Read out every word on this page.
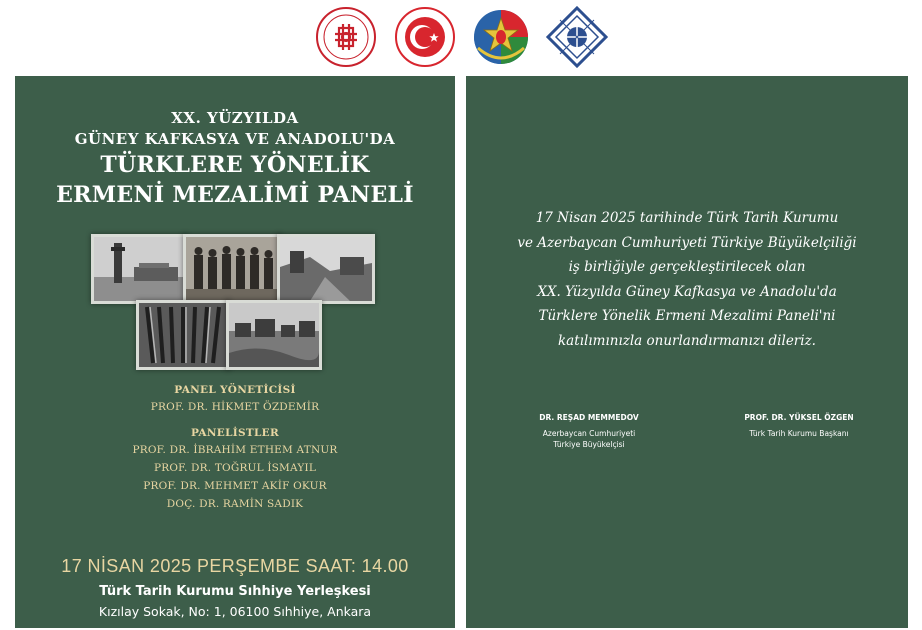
XX. YÜZYILDA
GÜNEY KAFKASYA VE ANADOLU'DA
TÜRKLERE YÖNELİK
ERMENİ MEZALİMİ PANELİ
PANEL YÖNETİCİSİ
PROF. DR. HİKMET ÖZDEMİR
PANELİSTLER
PROF. DR. İBRAHİM ETHEM ATNUR
PROF. DR. TOĞRUL İSMAYIL
PROF. DR. MEHMET AKİF OKUR
DOÇ. DR. RAMİN SADIK
17 NİSAN 2025 PERŞEMBE SAAT: 14.00
Türk Tarih Kurumu Sıhhiye Yerleşkesi
Kızılay Sokak, No: 1, 06100 Sıhhiye, Ankara
17 Nisan 2025 tarihinde Türk Tarih Kurumu
ve Azerbaycan Cumhuriyeti Türkiye Büyükelçiliği
iş birliğiyle gerçekleştirilecek olan
XX. Yüzyılda Güney Kafkasya ve Anadolu'da
Türklere Yönelik Ermeni Mezalimi Paneli'ni
katılımınızla onurlandırmanızı dileriz.
DR. REŞAD MEMMEDOV
Azerbaycan Cumhuriyeti
Türkiye Büyükelçisi
PROF. DR. YÜKSEL ÖZGEN
Türk Tarih Kurumu Başkanı
